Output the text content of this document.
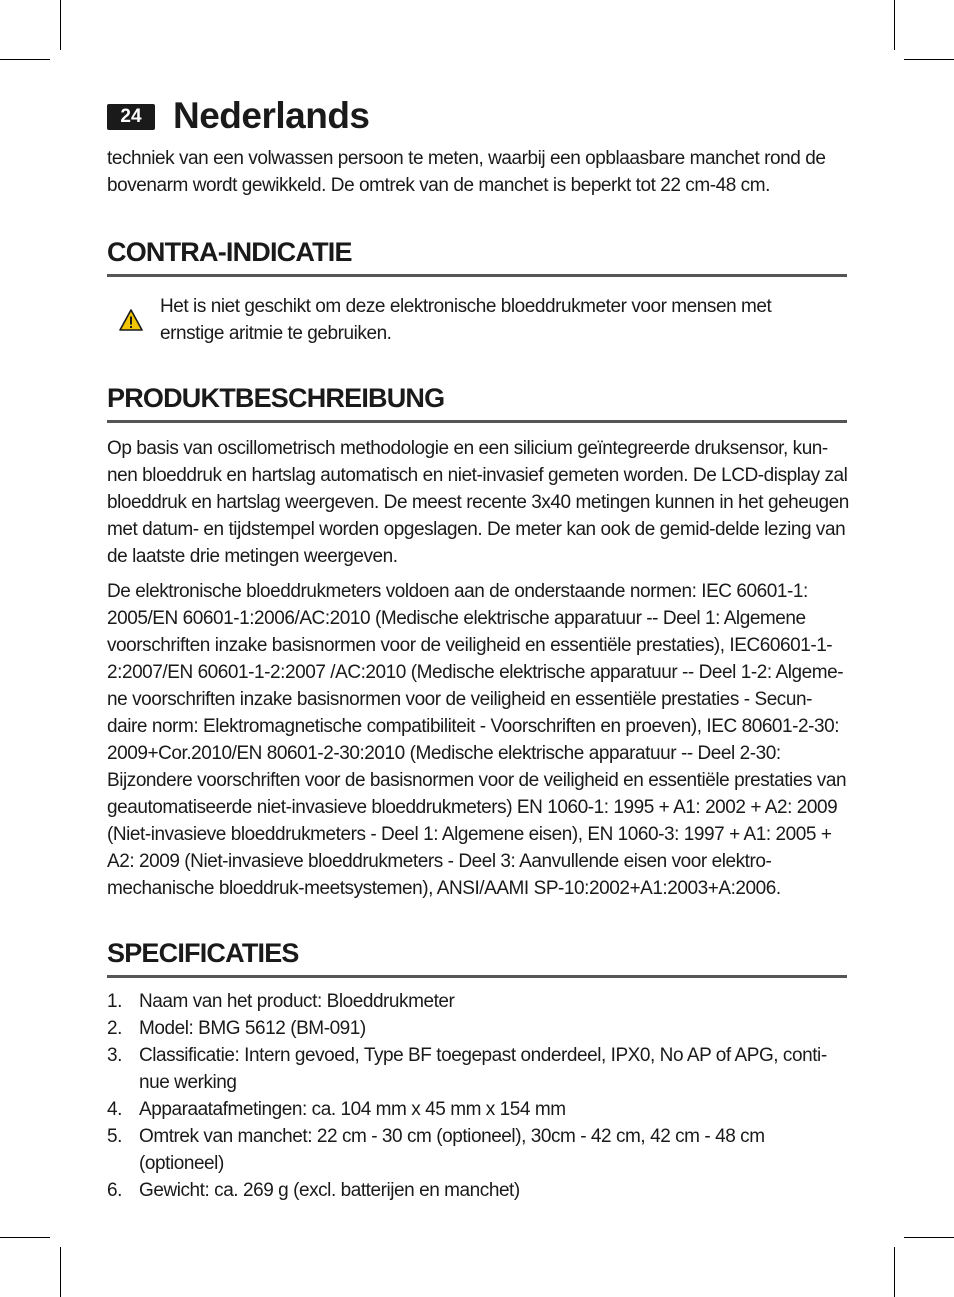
24 Nederlands

techniek van een volwassen persoon te meten, waarbij een opblaasbare manchet rond de bovenarm wordt gewikkeld. De omtrek van de manchet is beperkt tot 22 cm-48 cm.

CONTRA-INDICATIE

Het is niet geschikt om deze elektronische bloeddrukmeter voor mensen met ernstige aritmie te gebruiken.

PRODUKTBESCHREIBUNG

Op basis van oscillometrisch methodologie en een silicium geïntegreerde druksensor, kun-nen bloeddruk en hartslag automatisch en niet-invasief gemeten worden. De LCD-display zal bloeddruk en hartslag weergeven. De meest recente 3x40 metingen kunnen in het geheugen met datum- en tijdstempel worden opgeslagen. De meter kan ook de gemid-delde lezing van de laatste drie metingen weergeven.

De elektronische bloeddrukmeters voldoen aan de onderstaande normen: IEC 60601-1: 2005/EN 60601-1:2006/AC:2010 (Medische elektrische apparatuur -- Deel 1: Algemene voorschriften inzake basisnormen voor de veiligheid en essentiële prestaties), IEC60601-1-2:2007/EN 60601-1-2:2007 /AC:2010 (Medische elektrische apparatuur -- Deel 1-2: Algeme-ne voorschriften inzake basisnormen voor de veiligheid en essentiële prestaties - Secun-daire norm: Elektromagnetische compatibiliteit - Voorschriften en proeven), IEC 80601-2-30: 2009+Cor.2010/EN 80601-2-30:2010 (Medische elektrische apparatuur -- Deel 2-30: Bijzondere voorschriften voor de basisnormen voor de veiligheid en essentiële prestaties van geautomatiseerde niet-invasieve bloeddrukmeters) EN 1060-1: 1995 + A1: 2002 + A2: 2009 (Niet-invasieve bloeddrukmeters - Deel 1: Algemene eisen), EN 1060-3: 1997 + A1: 2005 + A2: 2009 (Niet-invasieve bloeddrukmeters - Deel 3: Aanvullende eisen voor elektro-mechanische bloeddruk-meetsystemen), ANSI/AAMI SP-10:2002+A1:2003+A:2006.

SPECIFICATIES
1. Naam van het product: Bloeddrukmeter
2. Model: BMG 5612 (BM-091)
3. Classificatie: Intern gevoed, Type BF toegepast onderdeel, IPX0, No AP of APG, conti-nue werking
4. Apparaatafmetingen: ca. 104 mm x 45 mm x 154 mm
5. Omtrek van manchet: 22 cm - 30 cm (optioneel), 30cm - 42 cm, 42 cm - 48 cm (optioneel)
6. Gewicht: ca. 269 g (excl. batterijen en manchet)
